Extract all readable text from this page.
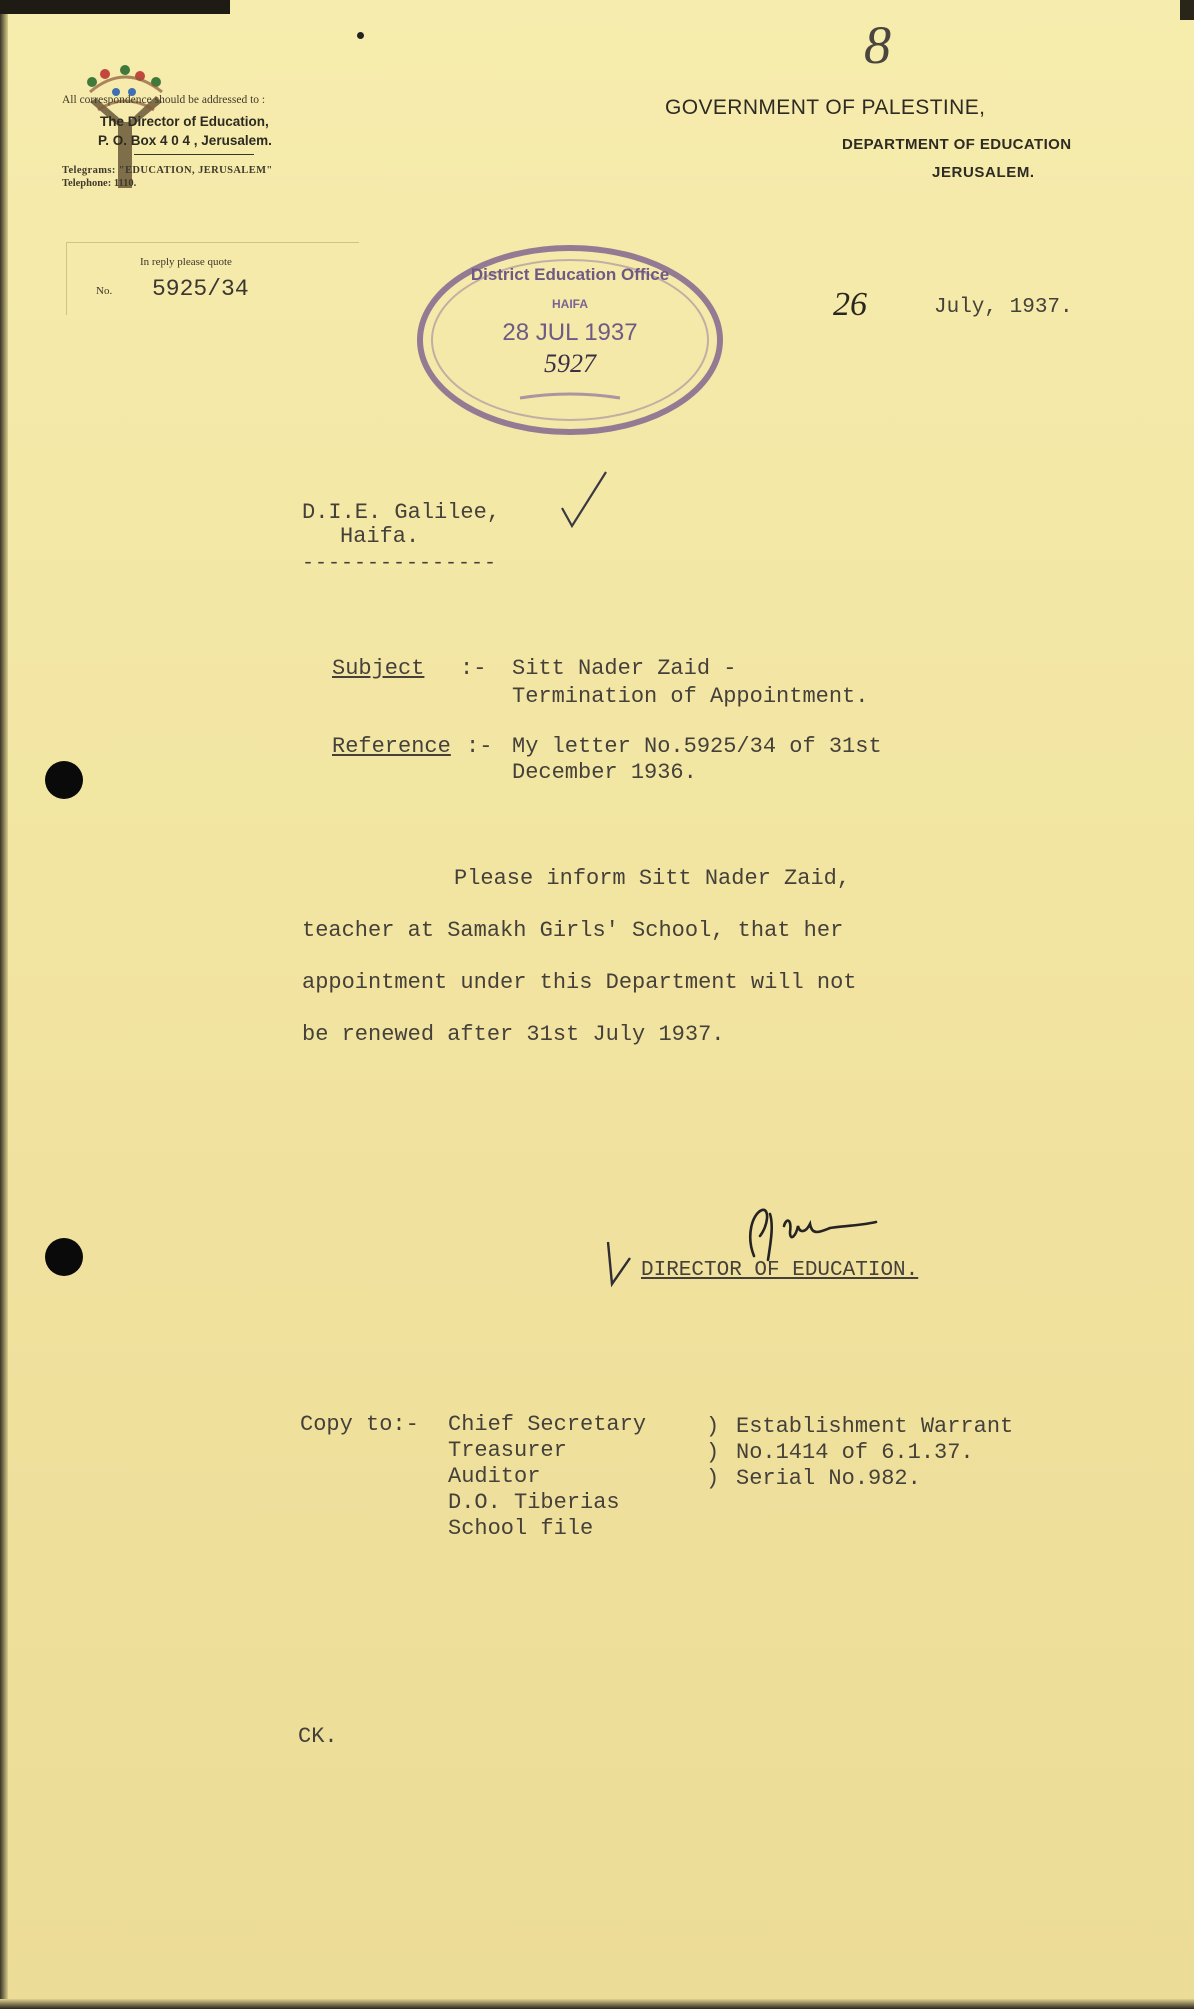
8
All correspondence should be addressed to :
The Director of Education,
P. O. Box 4 0 4 , Jerusalem.
Telegrams: "EDUCATION, JERUSALEM"
Telephone: 1110.
In reply please quote
No. 5925/34
GOVERNMENT OF PALESTINE,
DEPARTMENT OF EDUCATION
JERUSALEM.
District Education Office
HAIFA
28 JUL 1937
5927
26	July, 1937.
D.I.E. Galilee,
Haifa.
---------------
Subject :- Sitt Nader Zaid -
Termination of Appointment.
Reference :- My letter No.5925/34 of 31st
December 1936.
Please inform Sitt Nader Zaid,
teacher at Samakh Girls' School, that her
appointment under this Department will not
be renewed after 31st July 1937.
DIRECTOR OF EDUCATION.
Copy to:- Chief Secretary
Treasurer
Auditor
D.O. Tiberias
School file
)
)
)
Establishment Warrant
No.1414 of 6.1.37.
Serial No.982.
CK.
